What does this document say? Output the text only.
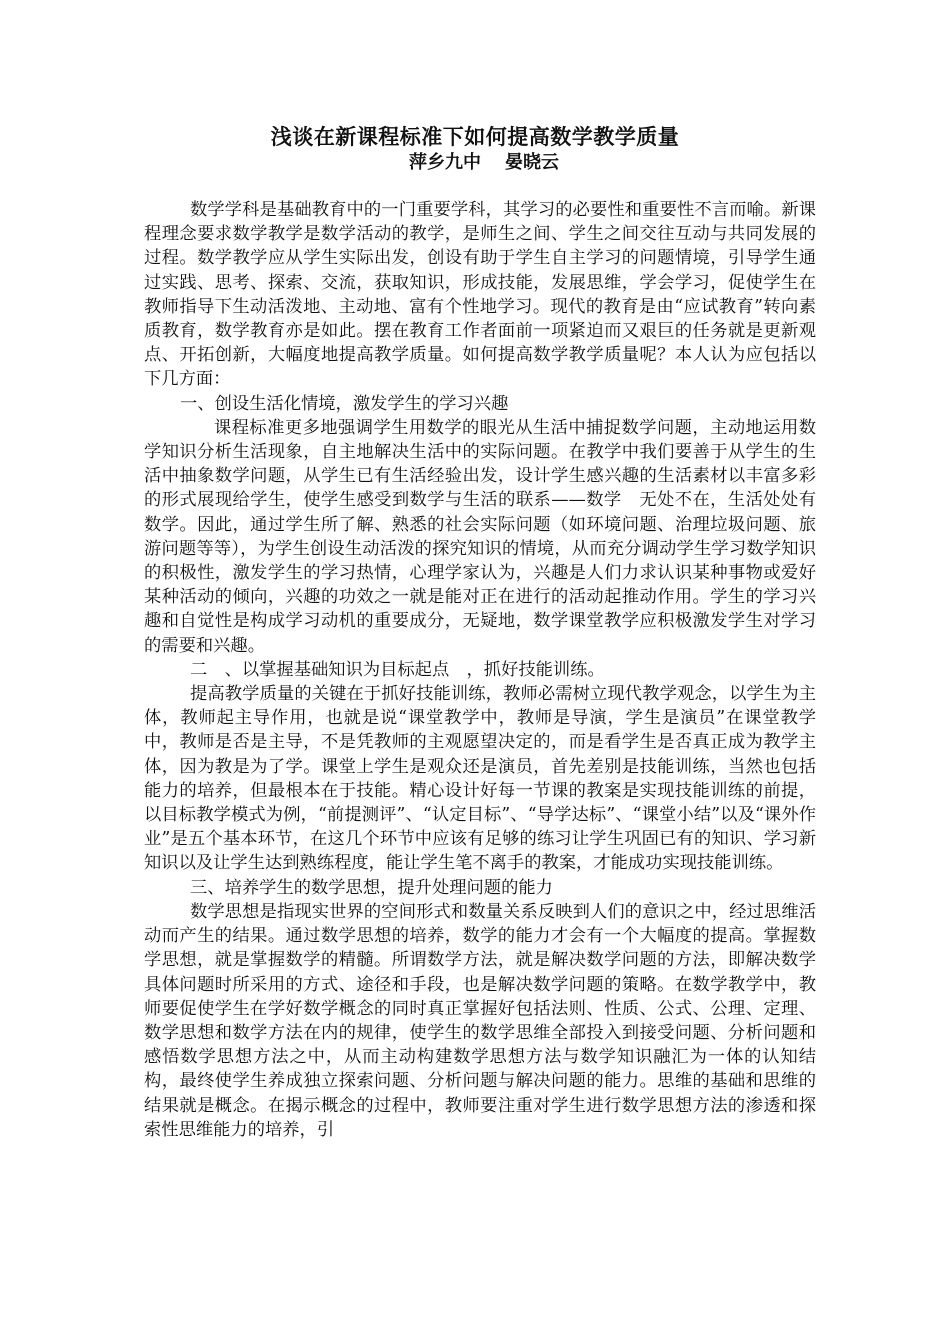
浅谈在新课程标准下如何提高数学教学质量
萍乡九中 晏晓云

数学学科是基础教育中的一门重要学科，其学习的必要性和重要性不言而喻。新课程理念要求数学教学是数学活动的教学，是师生之间、学生之间交往互动与共同发展的过程。数学教学应从学生实际出发，创设有助于学生自主学习的问题情境，引导学生通过实践、思考、探索、交流，获取知识，形成技能，发展思维，学会学习，促使学生在教师指导下生动活泼地、主动地、富有个性地学习。现代的教育是由“应试教育”转向素质教育，数学教育亦是如此。摆在教育工作者面前一项紧迫而又艰巨的任务就是更新观点、开拓创新，大幅度地提高教学质量。如何提高数学教学质量呢？本人认为应包括以下几方面：

一、创设生活化情境，激发学生的学习兴趣

课程标准更多地强调学生用数学的眼光从生活中捕捉数学问题，主动地运用数学知识分析生活现象，自主地解决生活中的实际问题。在教学中我们要善于从学生的生活中抽象数学问题，从学生已有生活经验出发，设计学生感兴趣的生活素材以丰富多彩的形式展现给学生，使学生感受到数学与生活的联系——数学　无处不在，生活处处有数学。因此，通过学生所了解、熟悉的社会实际问题（如环境问题、治理垃圾问题、旅游问题等等），为学生创设生动活泼的探究知识的情境，从而充分调动学生学习数学知识的积极性，激发学生的学习热情，心理学家认为，兴趣是人们力求认识某种事物或爱好某种活动的倾向，兴趣的功效之一就是能对正在进行的活动起推动作用。学生的学习兴趣和自觉性是构成学习动机的重要成分，无疑地，数学课堂教学应积极激发学生对学习的需要和兴趣。

二　、以掌握基础知识为目标起点　，抓好技能训练。

提高教学质量的关键在于抓好技能训练，教师必需树立现代教学观念，以学生为主体，教师起主导作用，也就是说“课堂教学中，教师是导演，学生是演员”在课堂教学中，教师是否是主导，不是凭教师的主观愿望决定的，而是看学生是否真正成为教学主体，因为教是为了学。课堂上学生是观众还是演员，首先差别是技能训练，当然也包括能力的培养，但最根本在于技能。精心设计好每一节课的教案是实现技能训练的前提，以目标教学模式为例，“前提测评”、“认定目标”、“导学达标”、“课堂小结”以及“课外作业”是五个基本环节，在这几个环节中应该有足够的练习让学生巩固已有的知识、学习新知识以及让学生达到熟练程度，能让学生笔不离手的教案，才能成功实现技能训练。

三、培养学生的数学思想，提升处理问题的能力

数学思想是指现实世界的空间形式和数量关系反映到人们的意识之中，经过思维活动而产生的结果。通过数学思想的培养，数学的能力才会有一个大幅度的提高。掌握数学思想，就是掌握数学的精髓。所谓数学方法，就是解决数学问题的方法，即解决数学具体问题时所采用的方式、途径和手段，也是解决数学问题的策略。在数学教学中，教师要促使学生在学好数学概念的同时真正掌握好包括法则、性质、公式、公理、定理、数学思想和数学方法在内的规律，使学生的数学思维全部投入到接受问题、分析问题和感悟数学思想方法之中，从而主动构建数学思想方法与数学知识融汇为一体的认知结构，最终使学生养成独立探索问题、分析问题与解决问题的能力。思维的基础和思维的结果就是概念。在揭示概念的过程中，教师要注重对学生进行数学思想方法的渗透和探索性思维能力的培养，引
